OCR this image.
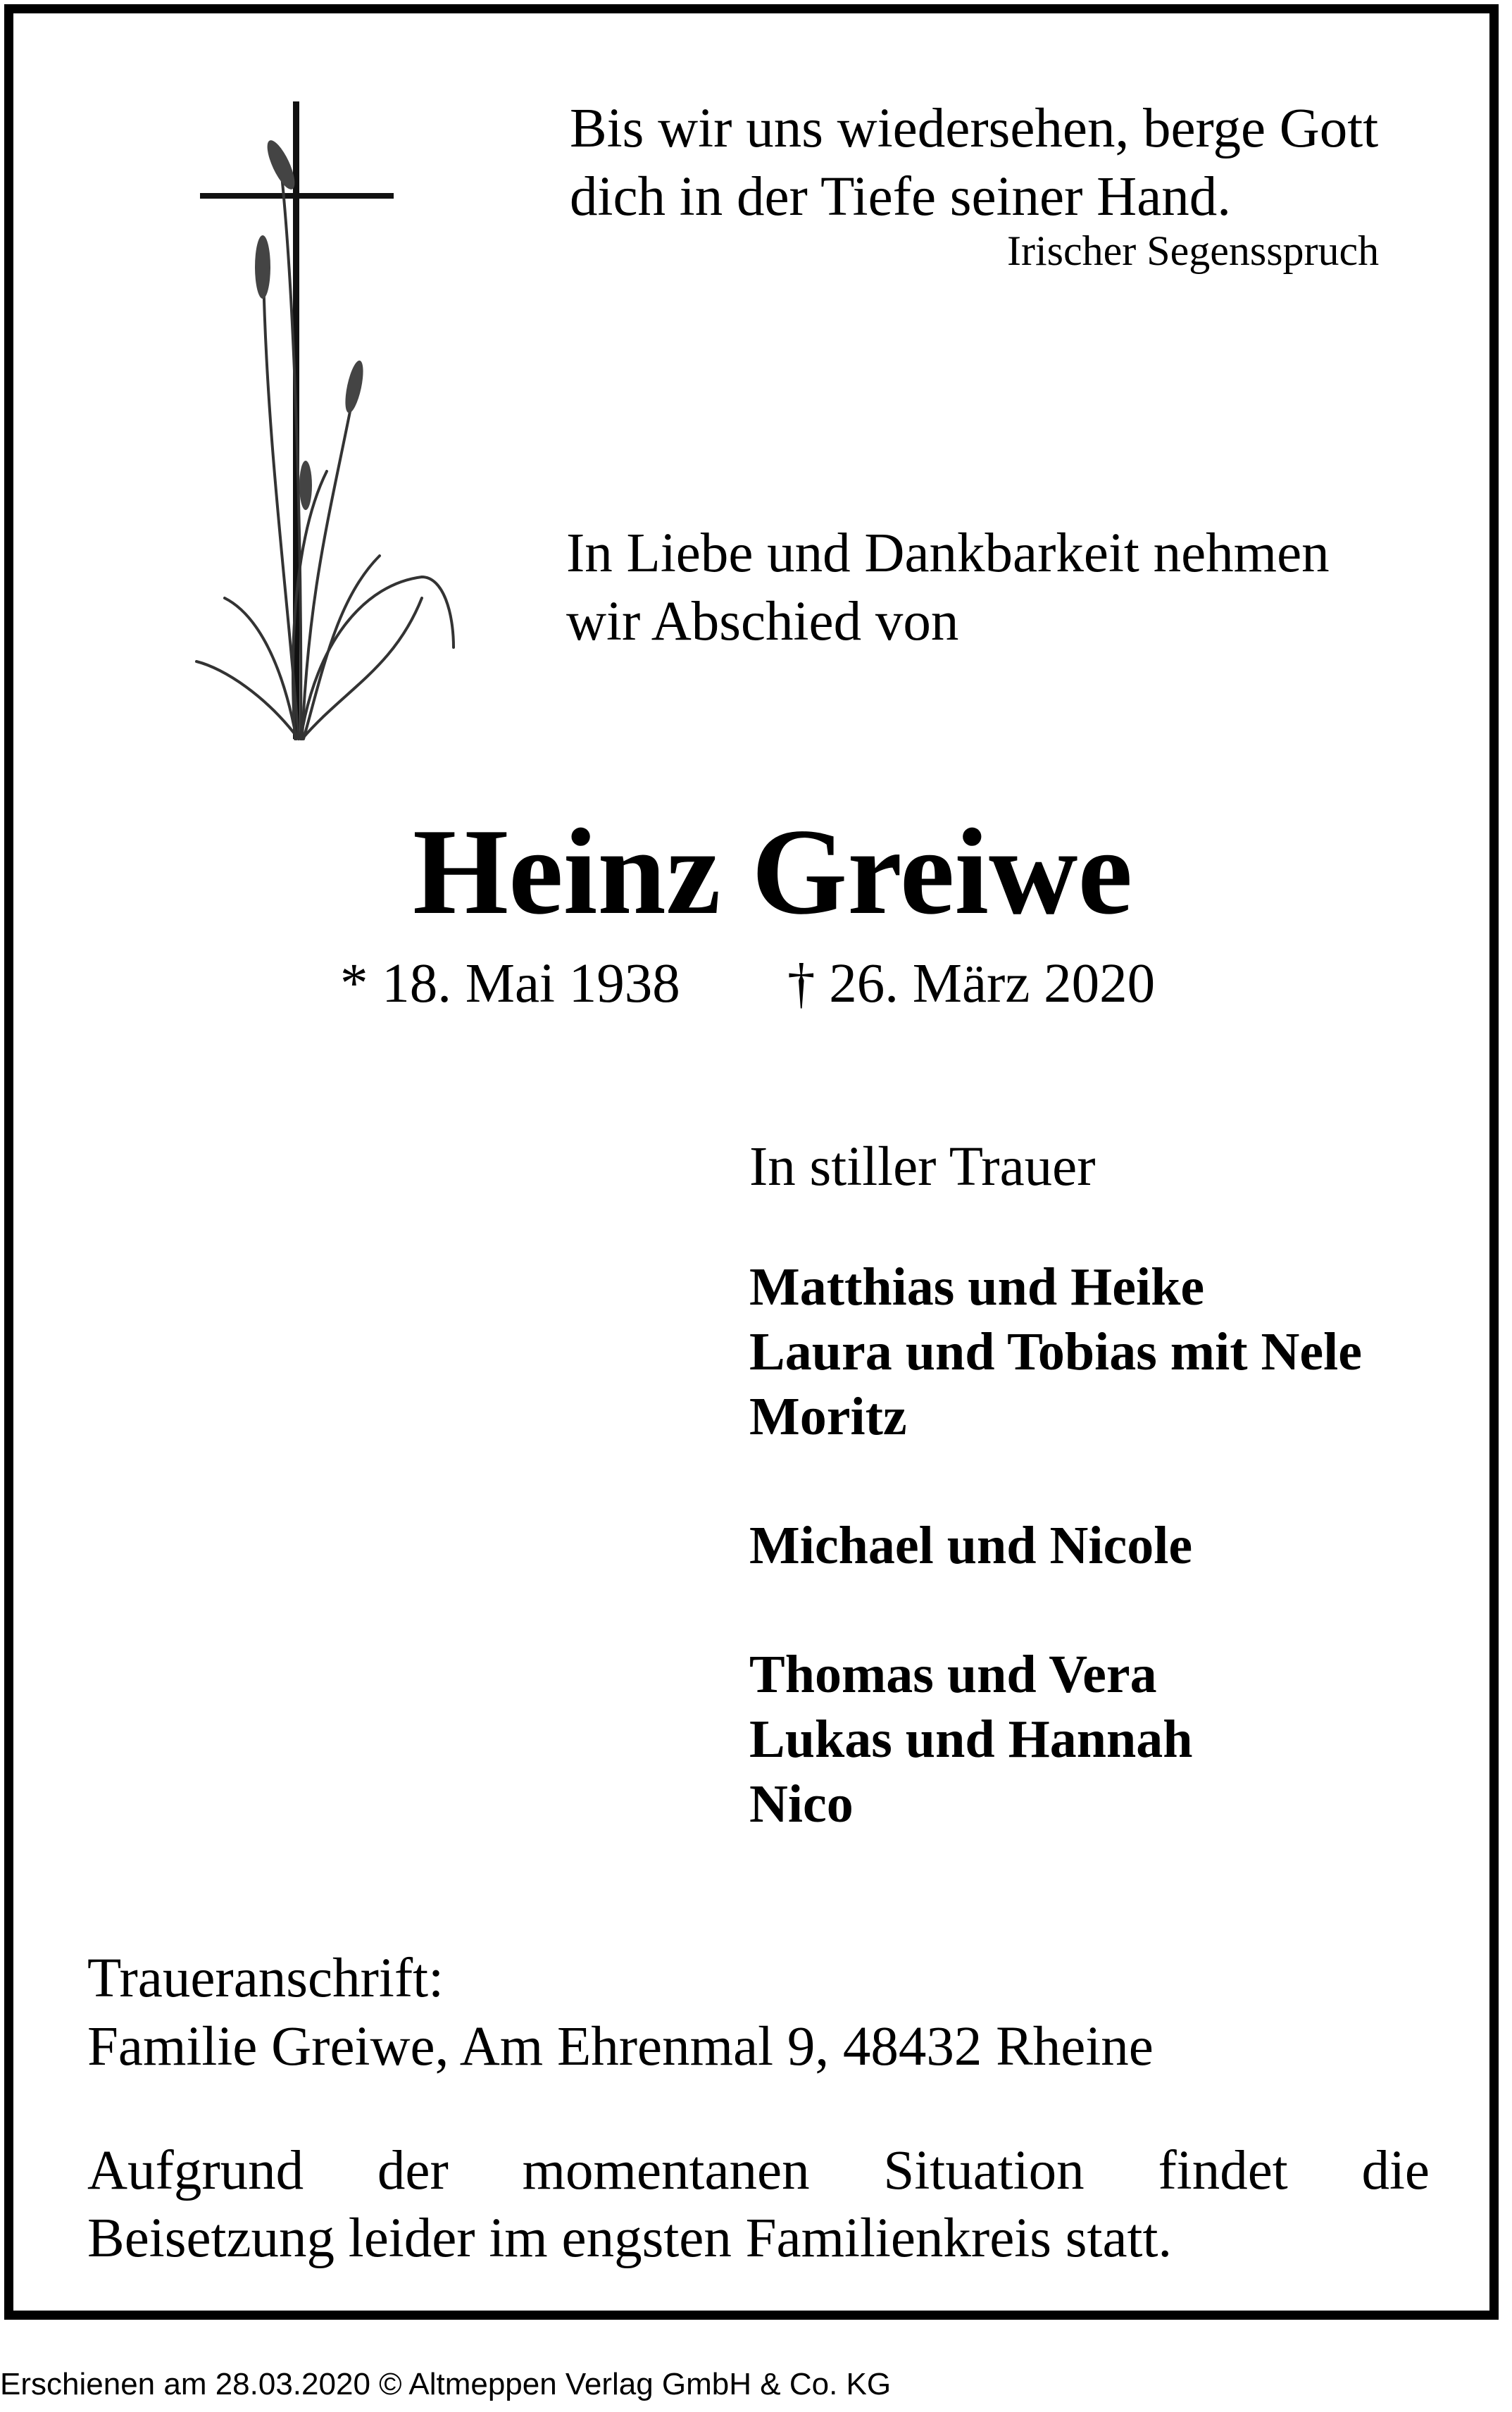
Bis wir uns wiedersehen, berge Gott
dich in der Tiefe seiner Hand.
Irischer Segensspruch
In Liebe und Dankbarkeit nehmen
wir Abschied von
Heinz Greiwe
* 18. Mai 1938 † 26. März 2020
In stiller Trauer
Matthias und Heike
Laura und Tobias mit Nele
Moritz
Michael und Nicole
Thomas und Vera
Lukas und Hannah
Nico
Traueranschrift:
Familie Greiwe, Am Ehrenmal 9, 48432 Rheine
Aufgrund der momentanen Situation findet die
Beisetzung leider im engsten Familienkreis statt.
Erschienen am 28.03.2020 © Altmeppen Verlag GmbH & Co. KG
